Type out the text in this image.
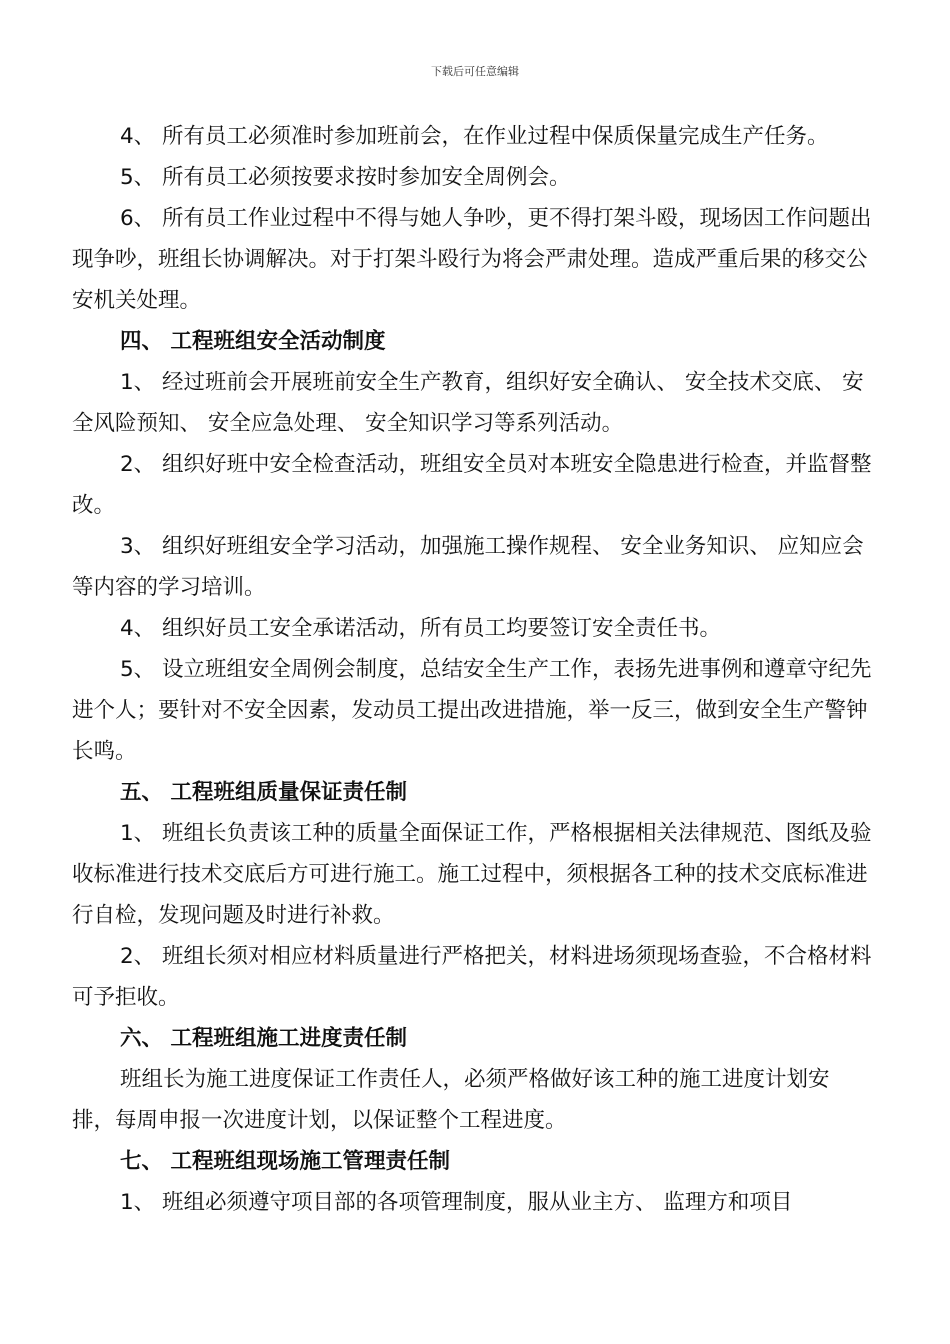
下载后可任意编辑

4、 所有员工必须准时参加班前会，在作业过程中保质保量完成生产任务。

5、 所有员工必须按要求按时参加安全周例会。

6、 所有员工作业过程中不得与她人争吵，更不得打架斗殴，现场因工作问题出现争吵，班组长协调解决。对于打架斗殴行为将会严肃处理。造成严重后果的移交公安机关处理。

四、 工程班组安全活动制度

1、 经过班前会开展班前安全生产教育，组织好安全确认、 安全技术交底、 安全风险预知、 安全应急处理、 安全知识学习等系列活动。

2、 组织好班中安全检查活动，班组安全员对本班安全隐患进行检查，并监督整改。

3、 组织好班组安全学习活动，加强施工操作规程、 安全业务知识、 应知应会等内容的学习培训。

4、 组织好员工安全承诺活动，所有员工均要签订安全责任书。

5、 设立班组安全周例会制度，总结安全生产工作，表扬先进事例和遵章守纪先进个人；要针对不安全因素，发动员工提出改进措施，举一反三，做到安全生产警钟长鸣。

五、 工程班组质量保证责任制

1、 班组长负责该工种的质量全面保证工作，严格根据相关法律规范、图纸及验收标准进行技术交底后方可进行施工。施工过程中，须根据各工种的技术交底标准进行自检，发现问题及时进行补救。

2、 班组长须对相应材料质量进行严格把关，材料进场须现场查验，不合格材料可予拒收。

六、 工程班组施工进度责任制

班组长为施工进度保证工作责任人，必须严格做好该工种的施工进度计划安排，每周申报一次进度计划，以保证整个工程进度。

七、 工程班组现场施工管理责任制

1、 班组必须遵守项目部的各项管理制度，服从业主方、 监理方和项目
